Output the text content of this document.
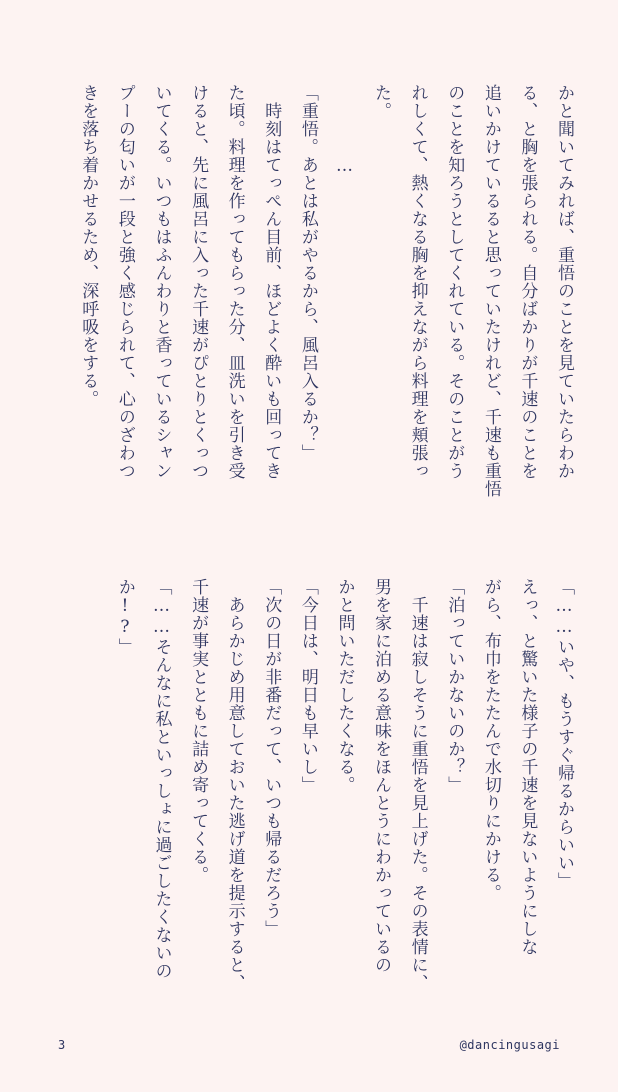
かと聞いてみれば、重悟のことを見ていたらわか
る、と胸を張られる。自分ばかりが千速のことを
追いかけているると思っていたけれど、千速も重悟
のことを知ろうとしてくれている。そのことがう
れしくて、熱くなる胸を抑えながら料理を頬張っ
た。
　　　　…
「重悟。あとは私がやるから、風呂入るか？」
　時刻はてっぺん目前、ほどよく酔いも回ってき
た頃。料理を作ってもらった分、皿洗いを引き受
けると、先に風呂に入った千速がぴとりとくっつ
いてくる。いつもはふんわりと香っているシャン
プーの匂いが一段と強く感じられて、心のざわつ
きを落ち着かせるため、深呼吸をする。
「……いや、もうすぐ帰るからいい」
えっ、と驚いた様子の千速を見ないようにしな
がら、布巾をたたんで水切りにかける。
「泊っていかないのか？」
　千速は寂しそうに重悟を見上げた。その表情に、
男を家に泊める意味をほんとうにわかっているの
かと問いただしたくなる。
「今日は、明日も早いし」
「次の日が非番だって、いつも帰るだろう」
　あらかじめ用意しておいた逃げ道を提示すると、
千速が事実とともに詰め寄ってくる。
「……そんなに私といっしょに過ごしたくないの
か!?」
3	@dancingusagi
